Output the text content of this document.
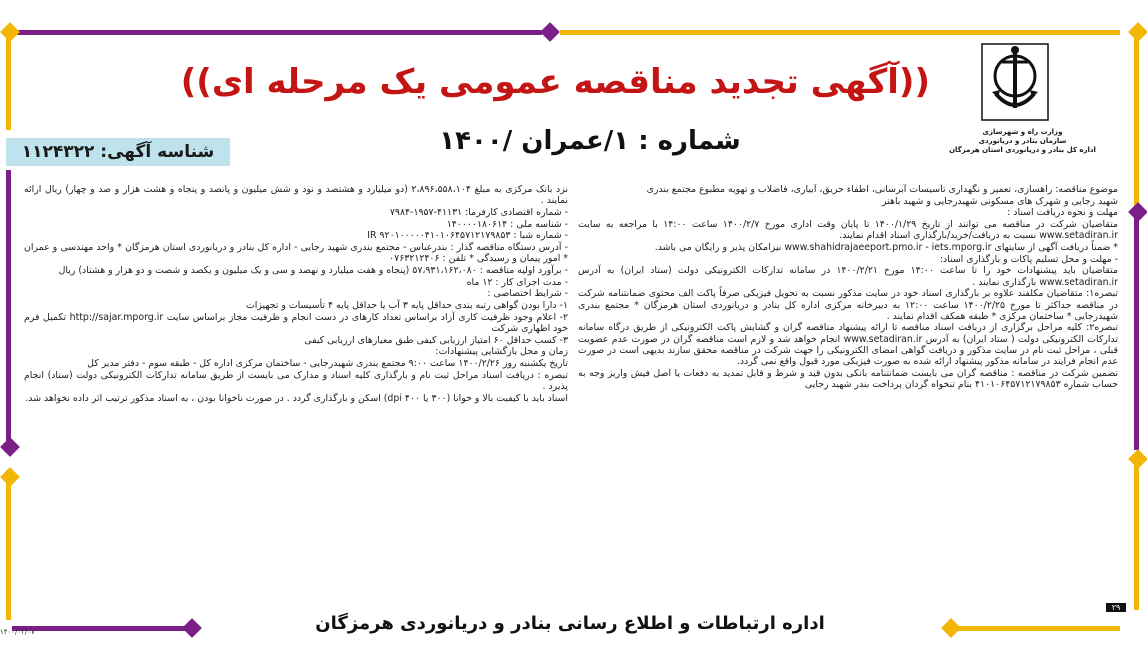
وزارت راه و شهرسازی
سازمان بنادر و دریانوردی
اداره کل بنادر و دریانوردی استان هرمزگان
((آگهی تجدید مناقصه عمومی یک مرحله ای))
شماره : ۱/عمران /۱۴۰۰
شناسه آگهی: ۱۱۲۴۳۲۲

موضوع مناقصه: راهسازی، تعمیر و نگهداری تأسیسات آبرسانی، اطفاء حریق، آبیاری، فاضلاب و تهویه مطبوع مجتمع بندری

شهید رجایی و شهرک های مسکونی شهیدرجایی و شهید باهنر

مهلت و نحوه دریافت اسناد :

متقاضیان شرکت در مناقصه می توانند از تاریخ ۱۴۰۰/۱/۲۹ تا پایان وقت اداری مورخ ۱۴۰۰/۲/۷ ساعت ۱۴:۰۰ با مراجعه به سایت www.setadiran.ir نسبت به دریافت/خرید/بارگذاری اسناد اقدام نمایند.

* ضمناً دریافت آگهی از سایتهای www.shahidrajaeeport.pmo.ir - iets.mporg.ir نیزامکان پذیر و رایگان می باشد.

- مهلت و محل تسلیم پاکات و بارگذاری اسناد:

متقاضیان باید پیشنهادات خود را تا ساعت ۱۴:۰۰ مورخ ۱۴۰۰/۲/۲۱ در سامانه تدارکات الکترونیکی دولت (ستاد ایران) به آدرس www.setadiran.ir بارگذاری نمایند .

تبصره۱: متقاضیان مکلفند علاوه بر بارگذاری اسناد خود در سایت مذکور نسبت به تحویل فیزیکی صرفاً پاکت الف محتوی ضمانتنامه شرکت در مناقصه حداکثر تا مورخ ۱۴۰۰/۲/۲۵ ساعت ۱۲:۰۰ به دبیرخانه مرکزی اداره کل بنادر و دریانوردی استان هرمزگان * مجتمع بندری شهیدرجایی * ساختمان مرکزی * طبقه همکف اقدام نمایند .

تبصره۲: کلیه مراحل برگزاری از دریافت اسناد مناقصه تا ارائه پیشنهاد مناقصه گران و گشایش پاکت الکترونیکی از طریق درگاه سامانه تدارکات الکترونیکی دولت ( ستاد ایران) به آدرس www.setadiran.ir انجام خواهد شد و لازم است مناقصه گران در صورت عدم عضویت قبلی ، مراحل ثبت نام در سایت مذکور و دریافت گواهی امضای الکترونیکی را جهت شرکت در مناقصه محقق سازند بدیهی است در صورت عدم انجام فرایند در سامانه مذکور پیشنهاد ارائه شده به صورت فیزیکی مورد قبول واقع نمی گردد.

تضمین شرکت در مناقصه : مناقصه گران می بایست ضمانتنامه بانکی بدون قید و شرط و قابل تمدید به دفعات یا اصل فیش واریز وجه به حساب شماره ۴۱۰۱۰۶۴۵۷۱۲۱۷۹۸۵۳ بنام تنخواه گردان پرداخت بندر شهید رجایی

نزد بانک مرکزی به مبلغ ۲،۸۹۶،۵۵۸،۱۰۴ (دو میلیارد و هشتصد و نود و شش میلیون و پانصد و پنجاه و هشت هزار و صد و چهار) ریال ارائه نمایند .

- شماره اقتصادی کارفرما: ۴۱۱۳۱-۱۹۵۷-۷۹۸۴

- شناسه ملی : ۱۴۰۰۰۰۱۸۰۶۱۴

- شماره شبا : IR ۹۲۰۱۰۰۰۰۰۴۱۰۱۰۶۴۵۷۱۲۱۷۹۸۵۳

- آدرس دستگاه مناقصه گذار : بندرعباس - مجتمع بندری شهید رجایی - اداره کل بنادر و دریانوردی استان هرمزگان * واحد مهندسی و عمران * امور پیمان و رسیدگی * تلفن : ۰۷۶۳۲۱۲۴۰۶

- برآورد اولیه مناقصه : ۵۷،۹۳۱،۱۶۲،۰۸۰ (پنجاه و هفت میلیارد و نهصد و سی و یک میلیون و یکصد و شصت و دو هزار و هشتاد) ریال

- مدت اجرای کار : ۱۲ ماه

- شرایط اختصاصی :

۱- دارا بودن گواهی رتبه بندی حداقل پایه ۳ آب یا حداقل پایه ۴ تأسیسات و تجهیزات

۲- اعلام وجود ظرفیت کاری آزاد براساس تعداد کارهای در دست انجام و ظرفیت مجاز براساس سایت http://sajar.mporg.ir تکمیل فرم خود اظهاری شرکت

۳- کسب حداقل ۶۰ امتیاز ارزیابی کیفی طبق معیارهای ارزیابی کیفی

زمان و محل بازگشایی پیشنهادات:

تاریخ یکشنبه روز ۱۴۰۰/۲/۲۶ ساعت ۹:۰۰ مجتمع بندری شهیدرجایی - ساختمان مرکزی اداره کل - طبقه سوم - دفتر مدیر کل

تبصره : دریافت اسناد مراحل ثبت نام و بارگذاری کلیه اسناد و مدارک می بایست از طریق سامانه تدارکات الکترونیکی دولت (ستاد) انجام پذیرد .

اسناد باید با کیفیت بالا و خوانا (۳۰۰ یا ۴۰۰ dpi) اسکن و بارگذاری گردد . در صورت ناخوانا بودن ، به اسناد مذکور ترتیب اثر داده نخواهد شد.

اداره ارتباطات و اطلاع رسانی بنادر و دریانوردی هرمزگان
۲۹
۱۴۰۰/۰۲/۰۷
